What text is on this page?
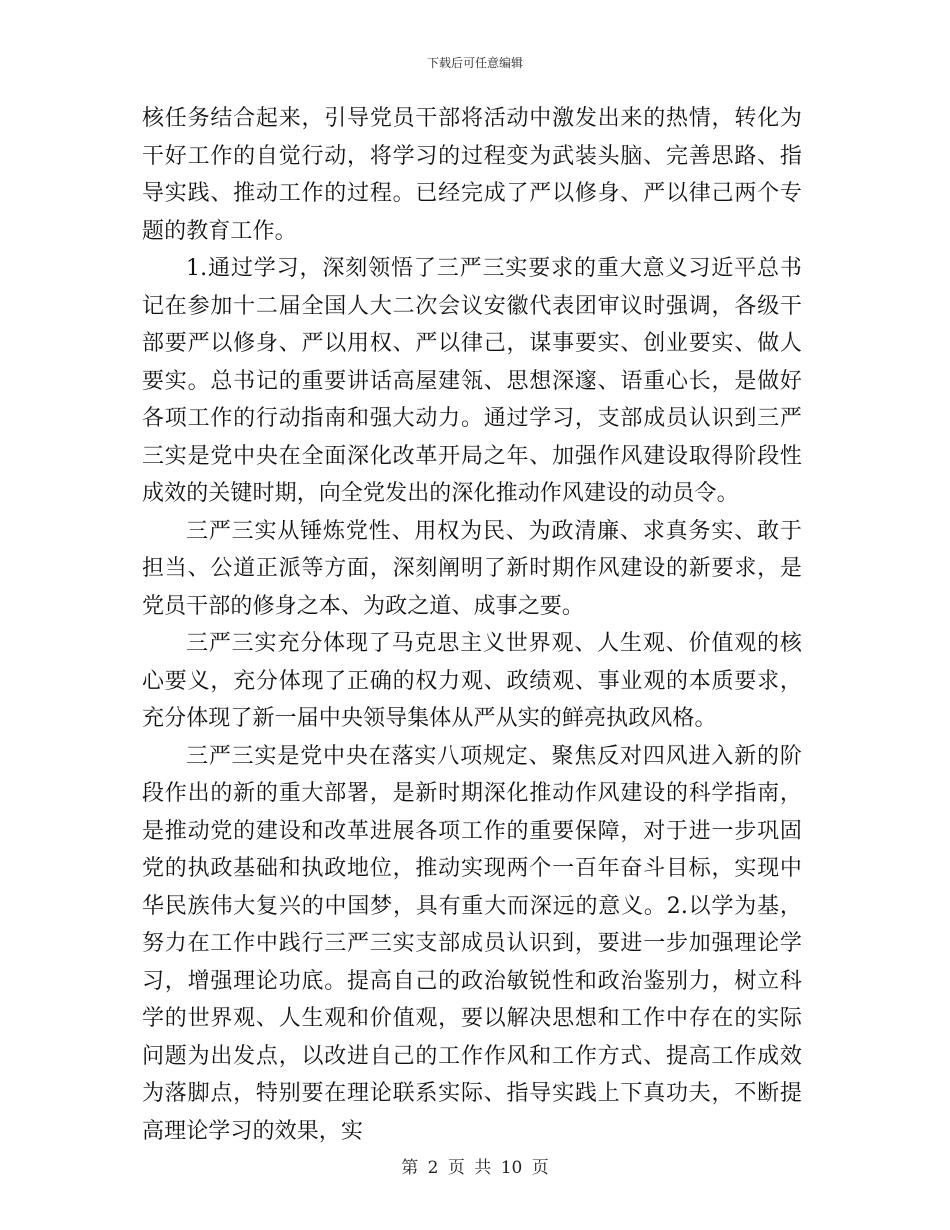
下载后可任意编辑

核任务结合起来，引导党员干部将活动中激发出来的热情，转化为干好工作的自觉行动，将学习的过程变为武装头脑、完善思路、指导实践、推动工作的过程。已经完成了严以修身、严以律己两个专题的教育工作。

1.通过学习，深刻领悟了三严三实要求的重大意义习近平总书记在参加十二届全国人大二次会议安徽代表团审议时强调，各级干部要严以修身、严以用权、严以律己，谋事要实、创业要实、做人要实。总书记的重要讲话高屋建瓴、思想深邃、语重心长，是做好各项工作的行动指南和强大动力。通过学习，支部成员认识到三严三实是党中央在全面深化改革开局之年、加强作风建设取得阶段性成效的关键时期，向全党发出的深化推动作风建设的动员令。

三严三实从锤炼党性、用权为民、为政清廉、求真务实、敢于担当、公道正派等方面，深刻阐明了新时期作风建设的新要求，是党员干部的修身之本、为政之道、成事之要。

三严三实充分体现了马克思主义世界观、人生观、价值观的核心要义，充分体现了正确的权力观、政绩观、事业观的本质要求，充分体现了新一届中央领导集体从严从实的鲜亮执政风格。

三严三实是党中央在落实八项规定、聚焦反对四风进入新的阶段作出的新的重大部署，是新时期深化推动作风建设的科学指南，是推动党的建设和改革进展各项工作的重要保障，对于进一步巩固党的执政基础和执政地位，推动实现两个一百年奋斗目标，实现中华民族伟大复兴的中国梦，具有重大而深远的意义。2.以学为基，努力在工作中践行三严三实支部成员认识到，要进一步加强理论学习，增强理论功底。提高自己的政治敏锐性和政治鉴别力，树立科学的世界观、人生观和价值观，要以解决思想和工作中存在的实际问题为出发点，以改进自己的工作作风和工作方式、提高工作成效为落脚点，特别要在理论联系实际、指导实践上下真功夫，不断提高理论学习的效果，实

第 2 页 共 10 页
